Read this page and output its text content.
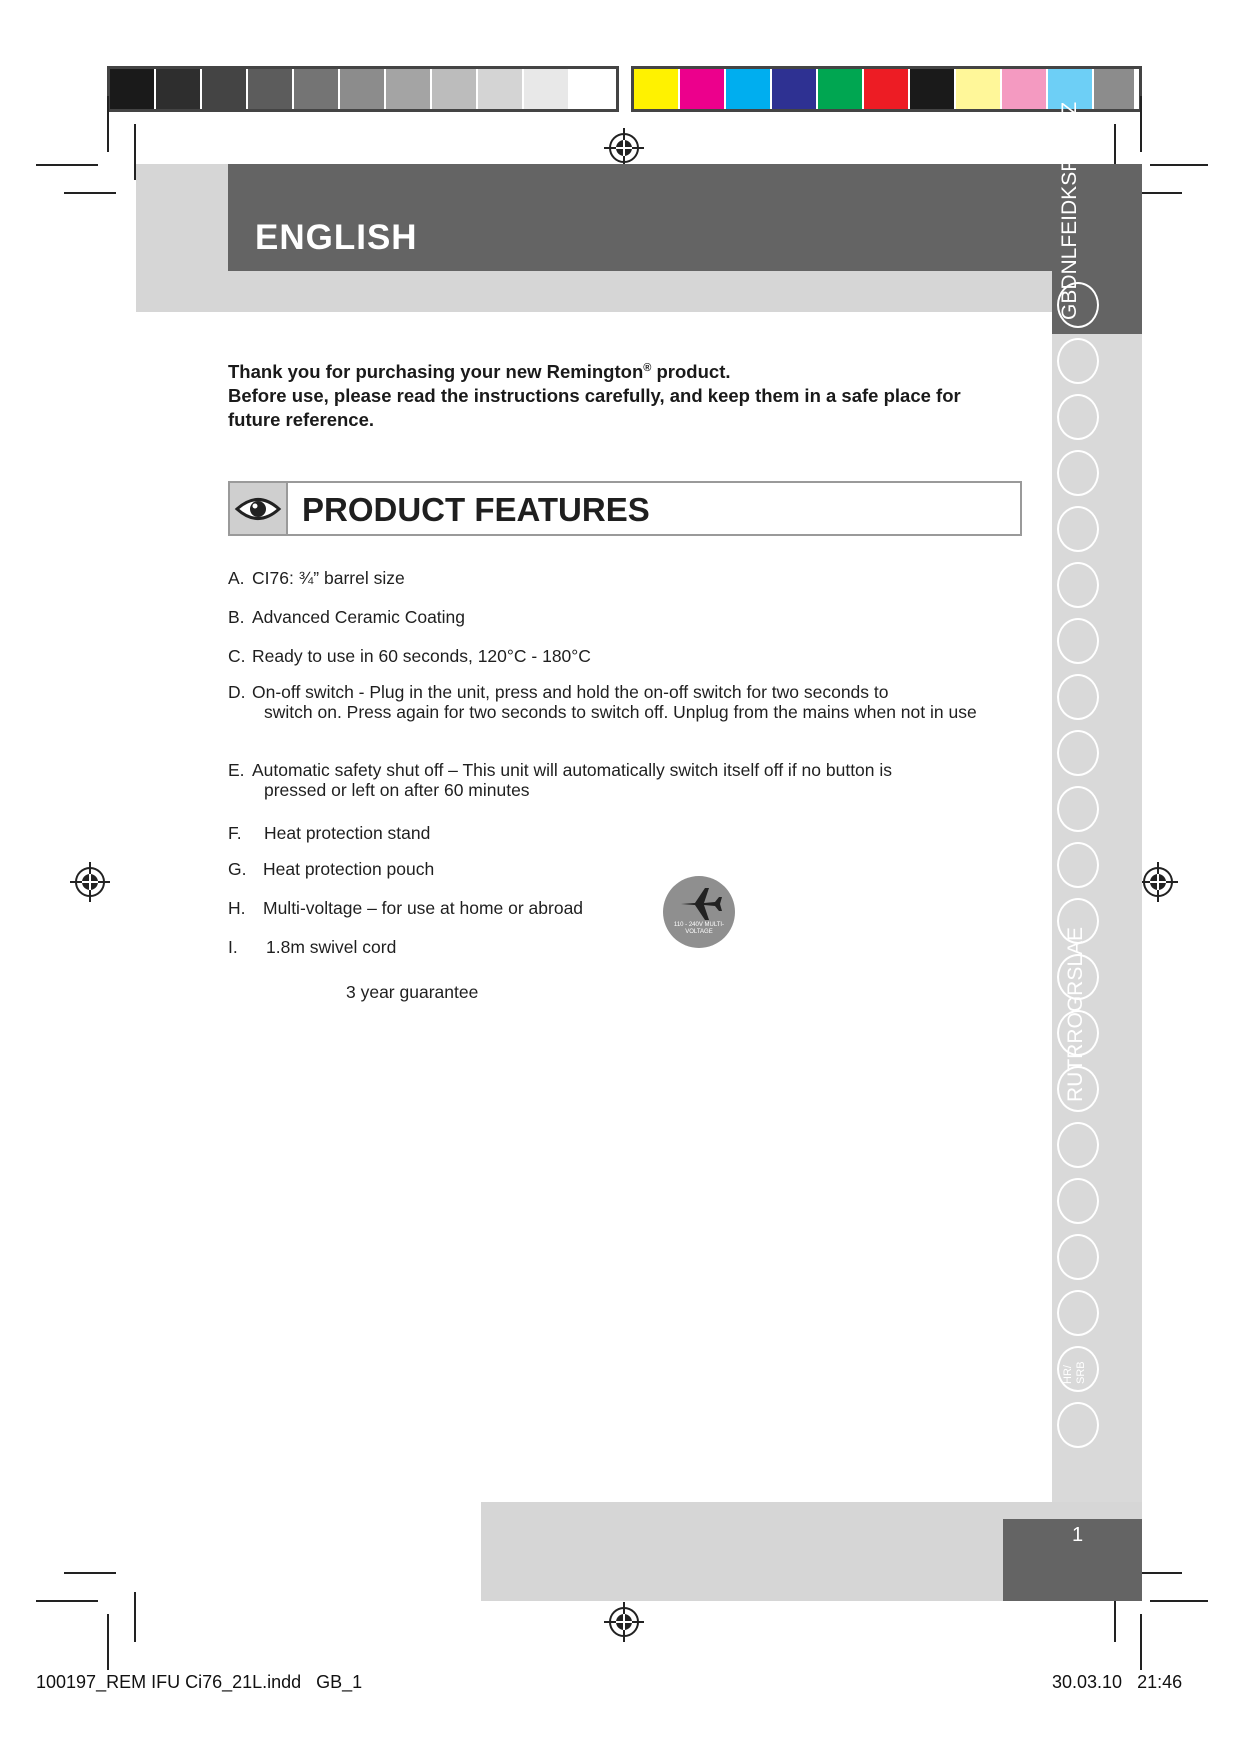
ENGLISH	GBDNLFEIDKSPSKCZ
RUTRROGRSLAE
HR/ SRB

Thank you for purchasing your new Remington® product.

Before use, please read the instructions carefully, and keep them in a safe place for future reference.

PRODUCT FEATURES
A. CI76: ¾” barrel size
B. Advanced Ceramic Coating
C. Ready to use in 60 seconds, 120°C - 180°C
D. On-off switch - Plug in the unit, press and hold the on-off switch for two seconds to
switch on. Press again for two seconds to switch off. Unplug from the mains when not in use
E. Automatic safety shut off – This unit will automatically switch itself off if no button is
pressed or left on after 60 minutes
F. Heat protection stand
G. Heat protection pouch
H. Multi-voltage – for use at home or abroad
I. 1.8m swivel cord
110 - 240V MULTI-VOLTAGE
3 year guarantee
1
100197_REM IFU Ci76_21L.indd   GB_1	30.03.10   21:46
